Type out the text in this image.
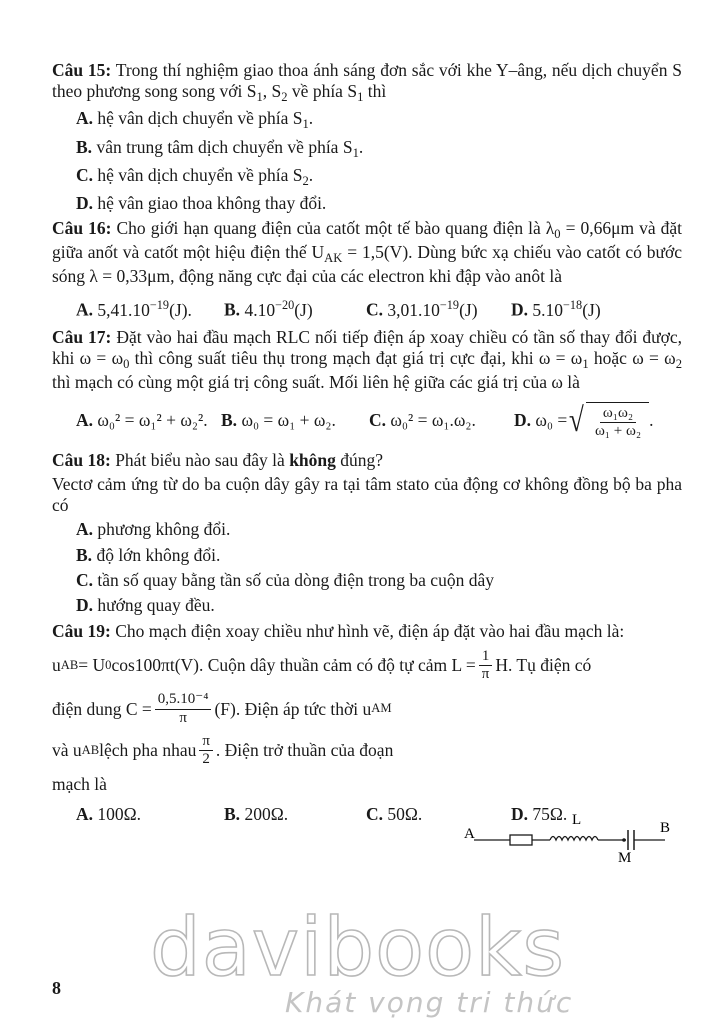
Câu 15: Trong thí nghiệm giao thoa ánh sáng đơn sắc với khe Y–âng, nếu dịch chuyển S theo phương song song với $S_1$, $S_2$ về phía $S_1$ thì
A. hệ vân dịch chuyển về phía $S_1$.
B. vân trung tâm dịch chuyển về phía $S_1$.
C. hệ vân dịch chuyển về phía $S_2$.
D. hệ vân giao thoa không thay đổi.
Câu 16: Cho giới hạn quang điện của catốt một tế bào quang điện là $\lambda_0 = 0,66\mu m$ và đặt giữa anốt và catốt một hiệu điện thế $U_{AK} = 1,5(V)$. Dùng bức xạ chiếu vào catốt có bước sóng λ = 0,33μm, động năng cực đại của các electron khi đập vào anôt là
A. 5,41.10−19(J).	B. 4.10−20(J)	C. 3,01.10−19(J)	D. 5.10−18(J)
Câu 17: Đặt vào hai đầu mạch RLC nối tiếp điện áp xoay chiều có tần số thay đổi được, khi $\omega = \omega_0$ thì công suất tiêu thụ trong mạch đạt giá trị cực đại, khi $\omega = \omega_1$ hoặc $\omega = \omega_2$ thì mạch có cùng một giá trị công suất. Mối liên hệ giữa các giá trị của ω là
A. ω₀² = ω₁² + ω₂². B. ω₀ = ω₁ + ω₂.	C. ω₀² = ω₁.ω₂.	D.
ω₀ = √ $\frac{\text{ω₁ω₂}}{\text{ω₁ + ω₂}}$ .
Câu 18: Phát biểu nào sau đây là không đúng?
Vectơ cảm ứng từ do ba cuộn dây gây ra tại tâm stato của động cơ không đồng bộ ba pha có
A. phương không đổi.
B. độ lớn không đổi.
C. tần số quay bằng tần số của dòng điện trong ba cuộn dây
D. hướng quay đều.
Câu 19: Cho mạch điện xoay chiều như hình vẽ, điện áp đặt vào hai đầu mạch là:
u AB = U 0 cos100πt(V). Cuộn dây thuần cảm có độ tự cảm $L = \frac{1}{\pi} H$. Tụ điện có
điện dung $C = \frac{\text{0,5.10⁻⁴}}{\pi} (F)$. Điện áp tức thời u AM
và u AB lệch pha nhau $\frac{\pi}{2}$ . Điện trở thuần của đoạn
mạch là
A. 100Ω.	B. 200Ω.	C. 50Ω.	D. 75Ω.
A
L
M
B
8 davibooks
Khát vọng tri thức
